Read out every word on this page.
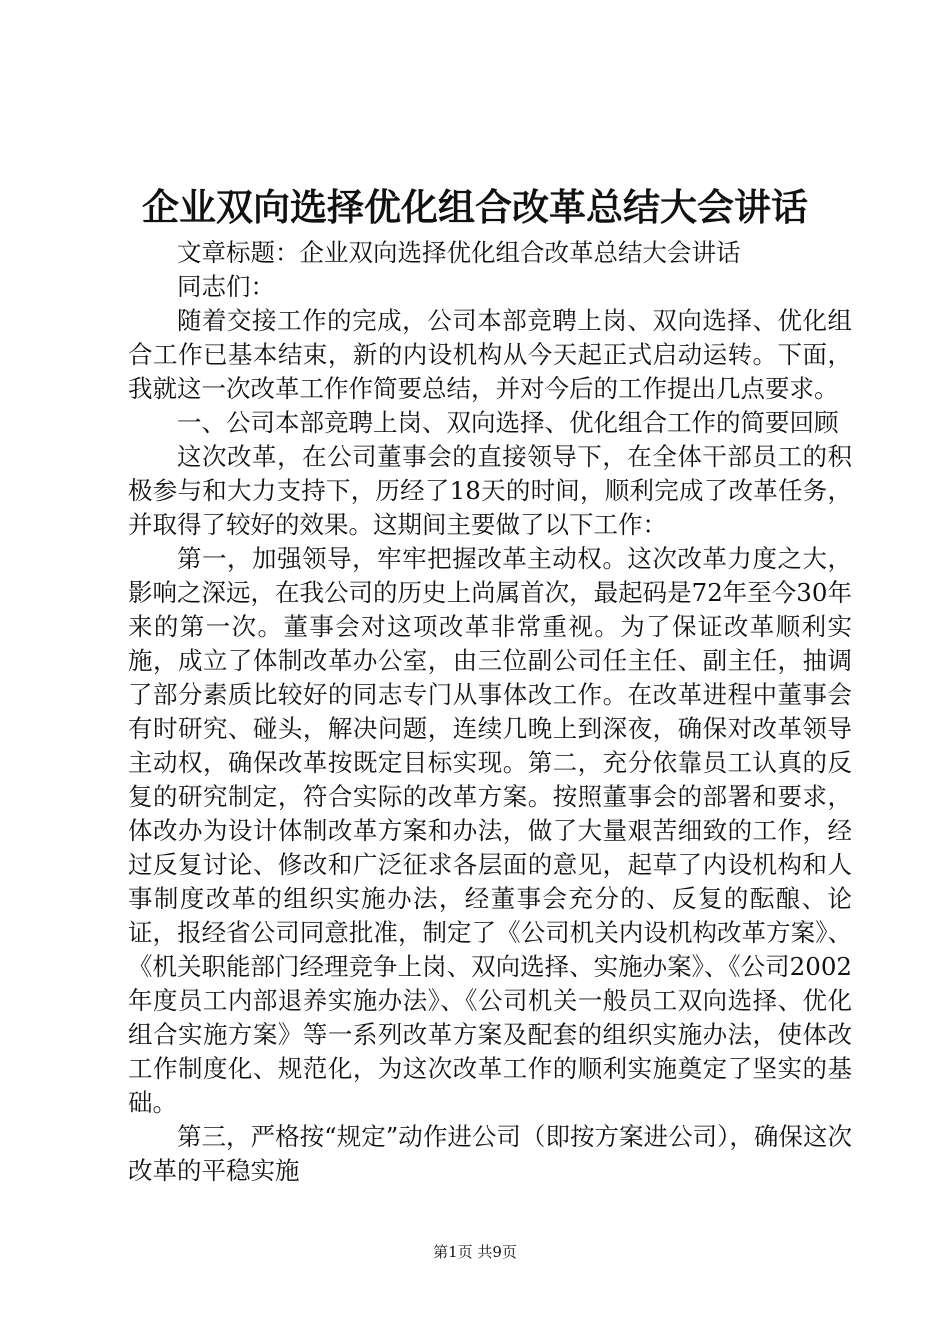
企业双向选择优化组合改革总结大会讲话

文章标题：企业双向选择优化组合改革总结大会讲话

同志们：

随着交接工作的完成，公司本部竞聘上岗、双向选择、优化组合工作已基本结束，新的内设机构从今天起正式启动运转。下面，我就这一次改革工作作简要总结，并对今后的工作提出几点要求。

一、公司本部竞聘上岗、双向选择、优化组合工作的简要回顾

这次改革，在公司董事会的直接领导下，在全体干部员工的积极参与和大力支持下，历经了18天的时间，顺利完成了改革任务，并取得了较好的效果。这期间主要做了以下工作：

第一，加强领导，牢牢把握改革主动权。这次改革力度之大，影响之深远，在我公司的历史上尚属首次，最起码是72年至今30年来的第一次。董事会对这项改革非常重视。为了保证改革顺利实施，成立了体制改革办公室，由三位副公司任主任、副主任，抽调了部分素质比较好的同志专门从事体改工作。在改革进程中董事会有时研究、碰头，解决问题，连续几晚上到深夜，确保对改革领导主动权，确保改革按既定目标实现。第二，充分依靠员工认真的反复的研究制定，符合实际的改革方案。按照董事会的部署和要求，体改办为设计体制改革方案和办法，做了大量艰苦细致的工作，经过反复讨论、修改和广泛征求各层面的意见，起草了内设机构和人事制度改革的组织实施办法，经董事会充分的、反复的酝酿、论证，报经省公司同意批准，制定了《公司机关内设机构改革方案》、《机关职能部门经理竞争上岗、双向选择、实施办案》、《公司2002年度员工内部退养实施办法》、《公司机关一般员工双向选择、优化组合实施方案》等一系列改革方案及配套的组织实施办法，使体改工作制度化、规范化，为这次改革工作的顺利实施奠定了坚实的基础。

第三，严格按“规定”动作进公司（即按方案进公司），确保这次改革的平稳实施

第1页 共9页
